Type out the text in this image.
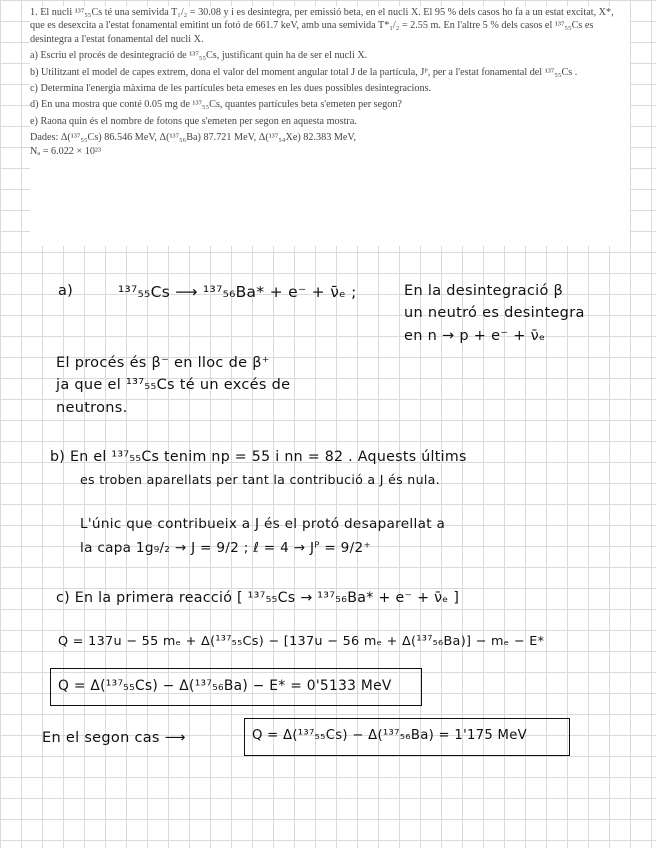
1. El nucli ¹³⁷₅₅Cs té una semivida T₁/₂ = 30.08 y i es desintegra, per emissió beta, en el nucli X. El 95 % dels casos ho fa a un estat excitat, X*, que es desexcita a l'estat fonamental emitint un fotó de 661.7 keV, amb una semivida T*₁/₂ = 2.55 m. En l'altre 5 % dels casos el ¹³⁷₅₅Cs es desintegra a l'estat fonamental del nucli X.

a) Escriu el procés de desintegració de ¹³⁷₅₅Cs, justificant quin ha de ser el nucli X.

b) Utilitzant el model de capes extrem, dona el valor del moment angular total J de la partícula, Jᴾ, per a l'estat fonamental del ¹³⁷₅₅Cs .

c) Determina l'energia màxima de les partícules beta emeses en les dues possibles desintegracions.

d) En una mostra que conté 0.05 mg de ¹³⁷₅₅Cs, quantes partícules beta s'emeten per segon?

e) Raona quin és el nombre de fotons que s'emeten per segon en aquesta mostra.

Dades: Δ(¹³⁷₅₅Cs) 86.546 MeV, Δ(¹³⁷₅₆Ba) 87.721 MeV, Δ(¹³⁷₅₄Xe) 82.383 MeV,

Nₐ = 6.022 × 10²³

a)	¹³⁷₅₅Cs ⟶ ¹³⁷₅₆Ba* + e⁻ + ν̄ₑ ;	En la desintegració β
un neutró es desintegra
en n → p + e⁻ + ν̄ₑ
El procés és β⁻ en lloc de β⁺
ja que el ¹³⁷₅₅Cs té un excés de
neutrons.
b) En el ¹³⁷₅₅Cs tenim np = 55 i nn = 82 . Aquests últims
es troben aparellats per tant la contribució a J és nula.
L'únic que contribueix a J és el protó desaparellat a
la capa 1g₉/₂ → J = 9/2 ; ℓ = 4 → Jᴾ = 9/2⁺
c) En la primera reacció [ ¹³⁷₅₅Cs → ¹³⁷₅₆Ba* + e⁻ + ν̄ₑ ]
Q = 137u − 55 mₑ + Δ(¹³⁷₅₅Cs) − [137u − 56 mₑ + Δ(¹³⁷₅₆Ba)] − mₑ − E*
Q = Δ(¹³⁷₅₅Cs) − Δ(¹³⁷₅₆Ba) − E* = 0'5133 MeV
En el segon cas ⟶	Q = Δ(¹³⁷₅₅Cs) − Δ(¹³⁷₅₆Ba) = 1'175 MeV
